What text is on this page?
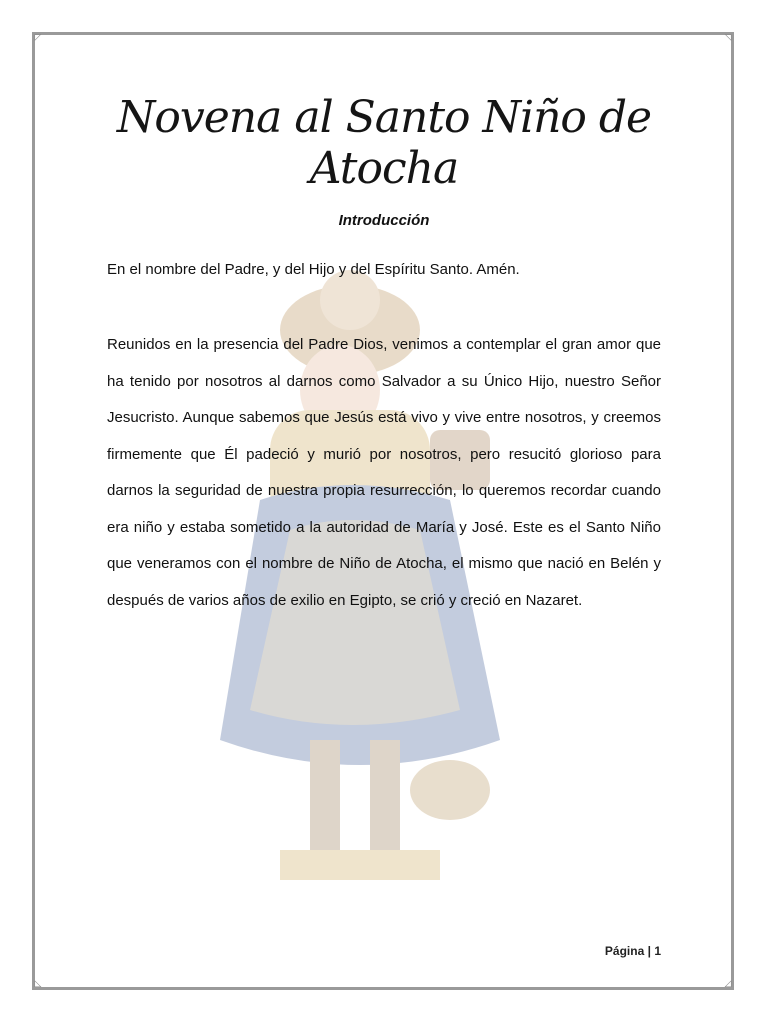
◸	◹
◺	◿
Novena al Santo Niño de Atocha
Introducción

En el nombre del Padre, y del Hijo y del Espíritu Santo. Amén.

Reunidos en la presencia del Padre Dios, venimos a contemplar el gran amor que ha tenido por nosotros al darnos como Salvador a su Único Hijo, nuestro Señor Jesucristo. Aunque sabemos que Jesús está vivo y vive entre nosotros, y creemos firmemente que Él padeció y murió por nosotros, pero resucitó glorioso para darnos la seguridad de nuestra propia resurrección, lo queremos recordar cuando era niño y estaba sometido a la autoridad de María y José. Este es el Santo Niño que veneramos con el nombre de Niño de Atocha, el mismo que nació en Belén y después de varios años de exilio en Egipto, se crió y creció en Nazaret.

Página | 1
